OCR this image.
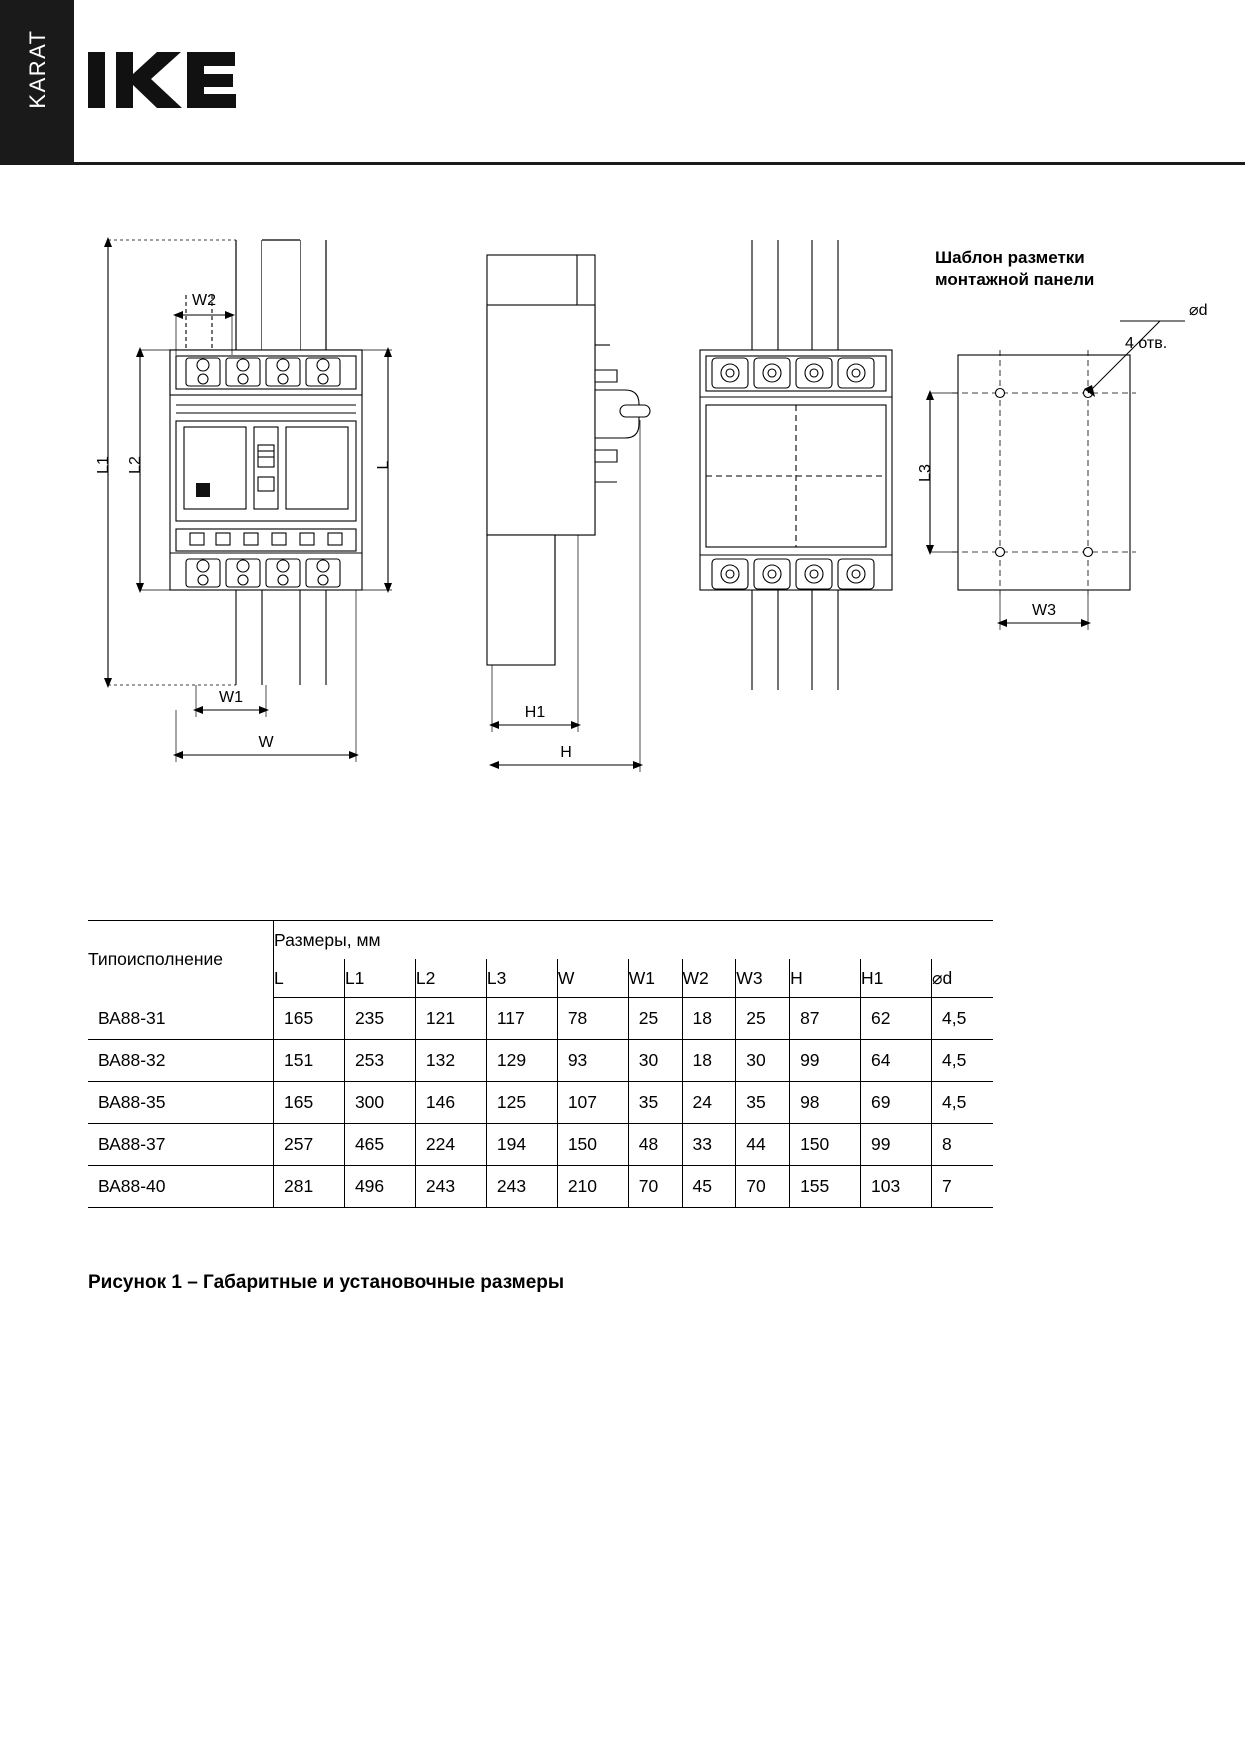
KARAT
L1 L2	L
W2
W1
W
H1
H
L3
W3
⌀d
4 отв.
Шаблон разметки
монтажной панели
Типоисполнение	Размеры, мм										
	L	L1	L2	L3	W	W1	W2	W3	H	H1	⌀d
ВА88-31	165	235	121	117	78	25	18	25	87	62	4,5
ВА88-32	151	253	132	129	93	30	18	30	99	64	4,5
ВА88-35	165	300	146	125	107	35	24	35	98	69	4,5
ВА88-37	257	465	224	194	150	48	33	44	150	99	8
ВА88-40	281	496	243	243	210	70	45	70	155	103	7
Рисунок 1 – Габаритные и установочные размеры
